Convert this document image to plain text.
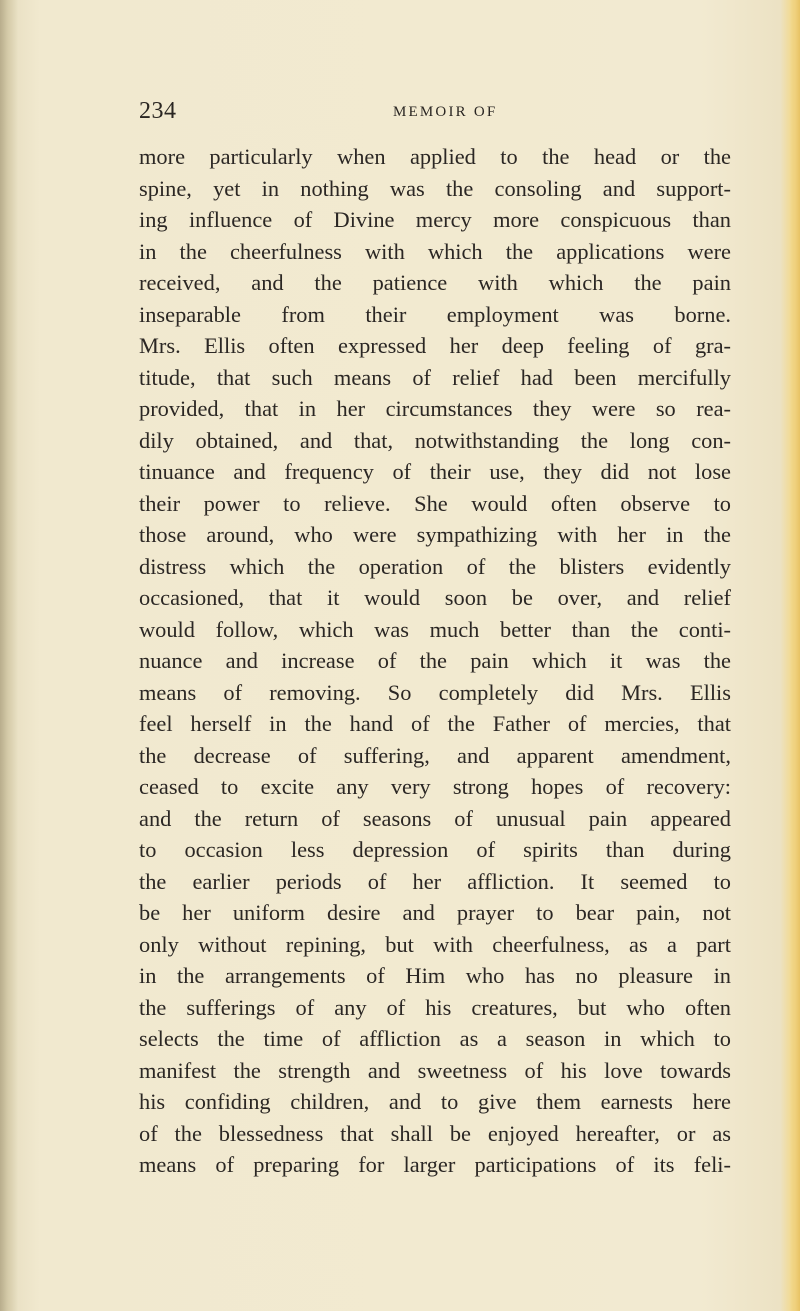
234	MEMOIR OF
more particularly when applied to the head or the
spine, yet in nothing was the consoling and support-
ing influence of Divine mercy more conspicuous than
in the cheerfulness with which the applications were
received, and the patience with which the pain
inseparable from their employment was borne.
Mrs. Ellis often expressed her deep feeling of gra-
titude, that such means of relief had been mercifully
provided, that in her circumstances they were so rea-
dily obtained, and that, notwithstanding the long con-
tinuance and frequency of their use, they did not lose
their power to relieve. She would often observe to
those around, who were sympathizing with her in the
distress which the operation of the blisters evidently
occasioned, that it would soon be over, and relief
would follow, which was much better than the conti-
nuance and increase of the pain which it was the
means of removing. So completely did Mrs. Ellis
feel herself in the hand of the Father of mercies, that
the decrease of suffering, and apparent amendment,
ceased to excite any very strong hopes of recovery:
and the return of seasons of unusual pain appeared
to occasion less depression of spirits than during
the earlier periods of her affliction. It seemed to
be her uniform desire and prayer to bear pain, not
only without repining, but with cheerfulness, as a part
in the arrangements of Him who has no pleasure in
the sufferings of any of his creatures, but who often
selects the time of affliction as a season in which to
manifest the strength and sweetness of his love towards
his confiding children, and to give them earnests here
of the blessedness that shall be enjoyed hereafter, or as
means of preparing for larger participations of its feli-
